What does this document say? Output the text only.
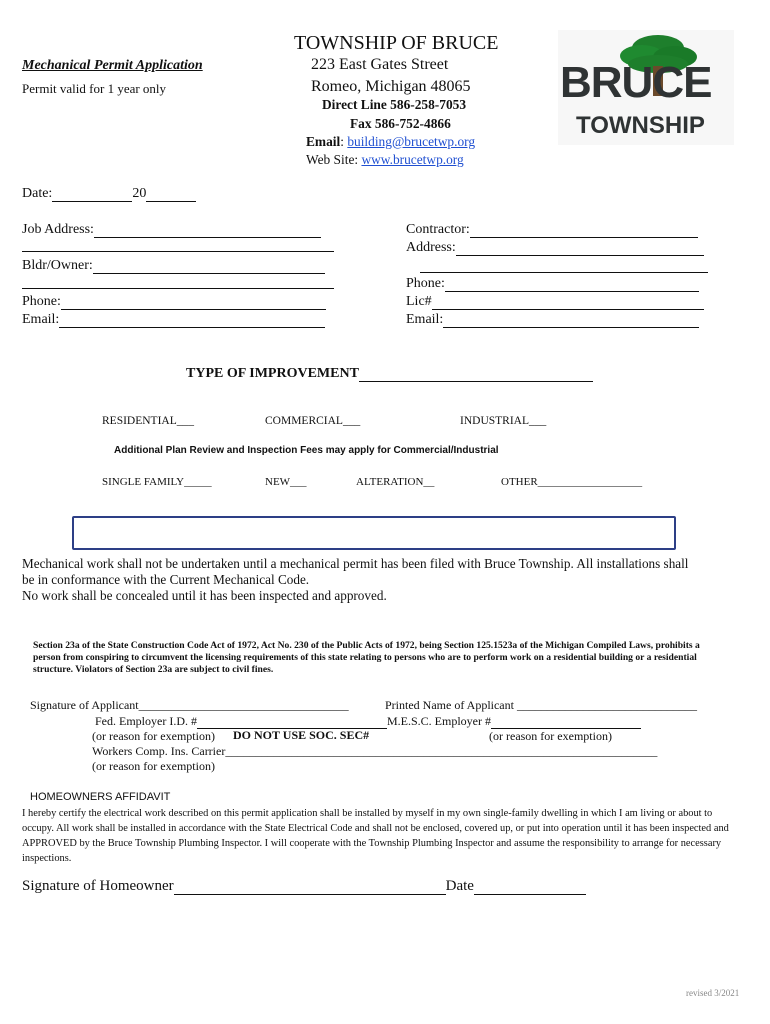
TOWNSHIP OF BRUCE
223 East Gates Street
Romeo, Michigan 48065
Direct Line 586-258-7053
Fax 586-752-4866
Email: building@brucetwp.org
Web Site: www.brucetwp.org
BRUCE
TOWNSHIP
Mechanical Permit Application
Permit valid for 1 year only
Date:	20
Job Address:
Bldr/Owner:
Phone:
Email:
Contractor:
Address:
Phone:
Lic#
Email:
TYPE OF IMPROVEMENT
RESIDENTIAL___	COMMERCIAL___	INDUSTRIAL___
Additional Plan Review and Inspection Fees may apply for Commercial/Industrial
SINGLE FAMILY_____	NEW___	ALTERATION__	OTHER___________________
Mechanical work shall not be undertaken until a mechanical permit has been filed with Bruce Township. All installations shall
be in conformance with the Current Mechanical Code.
No work shall be concealed until it has been inspected and approved.
Section 23a of the State Construction Code Act of 1972, Act No. 230 of the Public Acts of 1972, being Section 125.1523a of the Michigan Compiled Laws, prohibits a person from conspiring to circumvent the licensing requirements of this state relating to persons who are to perform work on a residential building or a residential structure. Violators of Section 23a are subject to civil fines.
Signature of Applicant___________________________________	Printed Name of Applicant ______________________________
Fed. Employer I.D. #	M.E.S.C. Employer #
(or reason for exemption) DO NOT USE SOC. SEC#	(or reason for exemption)
Workers Comp. Ins. Carrier________________________________________________________________________
(or reason for exemption)
HOMEOWNERS AFFIDAVIT
I hereby certify the electrical work described on this permit application shall be installed by myself in my own single-family dwelling in which I am living or about to occupy. All work shall be installed in accordance with the State Electrical Code and shall not be enclosed, covered up, or put into operation until it has been inspected and APPROVED by the Bruce Township Plumbing Inspector. I will cooperate with the Township Plumbing Inspector and assume the responsibility to arrange for necessary inspections.
Signature of Homeowner	Date
revised 3/2021
